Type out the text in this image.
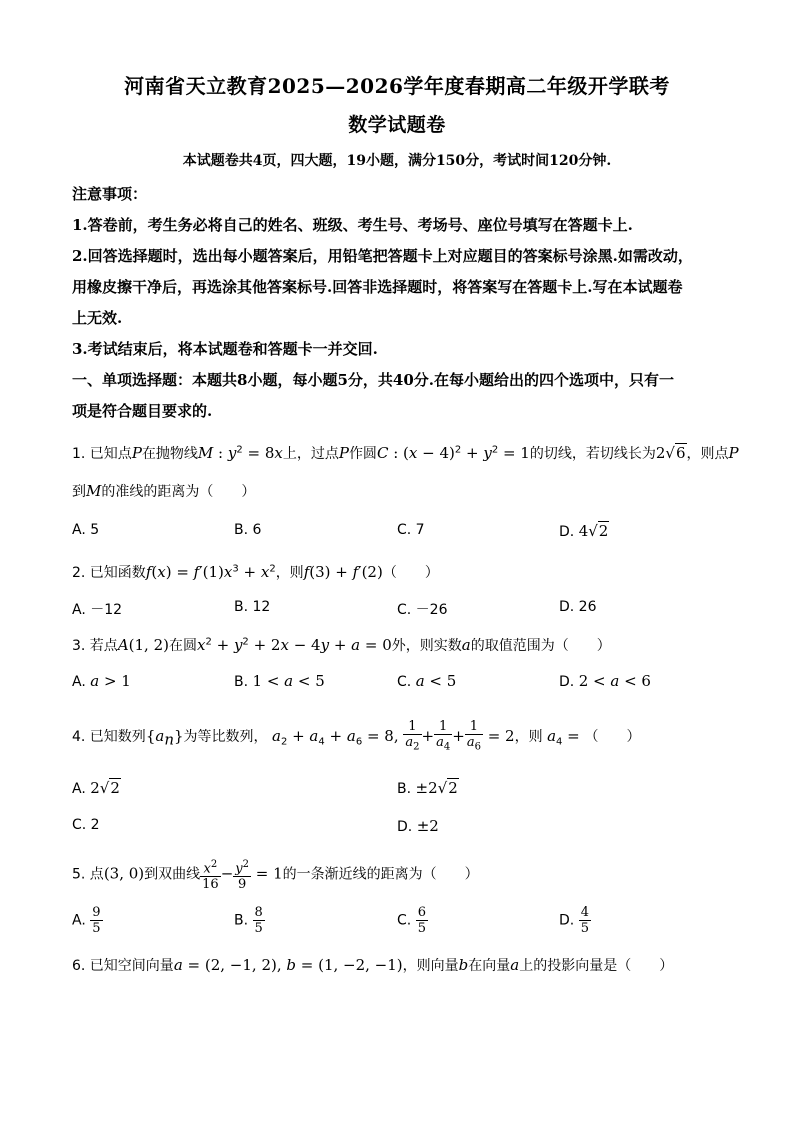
河南省天立教育2025—2026学年度春期高二年级开学联考
数学试题卷
本试题卷共4页，四大题，19小题，满分150分，考试时间120分钟.
注意事项：
1.答卷前，考生务必将自己的姓名、班级、考生号、考场号、座位号填写在答题卡上.
2.回答选择题时，选出每小题答案后，用铅笔把答题卡上对应题目的答案标号涂黑.如需改动，
用橡皮擦干净后，再选涂其他答案标号.回答非选择题时，将答案写在答题卡上.写在本试题卷
上无效.
3.考试结束后，将本试题卷和答题卡一并交回.
一、单项选择题：本题共8小题，每小题5分，共40分.在每小题给出的四个选项中，只有一
项是符合题目要求的.
1. 已知点P在抛物线M : $y^2 = 8x$上，过点P作圆C : $(x - 4)^2 + y^2 = 1$的切线，若切线长为2√6，则点P
到M的准线的距离为（　　）
A. 5	B. 6	C. 7	D. 4√2
2. 已知函数$f(x) = f'(1)x^3 + x^2$，则f(3) + f′(2)（　　）
A. －12	B. 12	C. －26	D. 26
3. 若点A(1, 2)在圆$x^2 + y^2 + 2x - 4y + a = 0$外，则实数a的取值范围为（　　）
A. a > 1	B. 1 < a < 5	C. a < 5	D. 2 < a < 6
4. 已知数列$\{a_n\}$为等比数列， $a_2 + a_4 + a_6 = 8$, $\frac{1}{a_2} + \frac{1}{a_4} + \frac{1}{a_6} = 2$，则 $a_4$ = （　　）
A. 2√2	B. ±2√2
C. 2	D. ±2
5. 点(3, 0)到双曲线 $\frac{x^2}{16} - \frac{y^2}{9} = 1$的一条渐近线的距离为（　　）
A. $\frac{9}{5}$	B. $\frac{8}{5}$	C. $\frac{6}{5}$	D. $\frac{4}{5}$
6. 已知空间向量a = (2, −1, 2), b = (1, −2, −1)，则向量b在向量a上的投影向量是（　　）
